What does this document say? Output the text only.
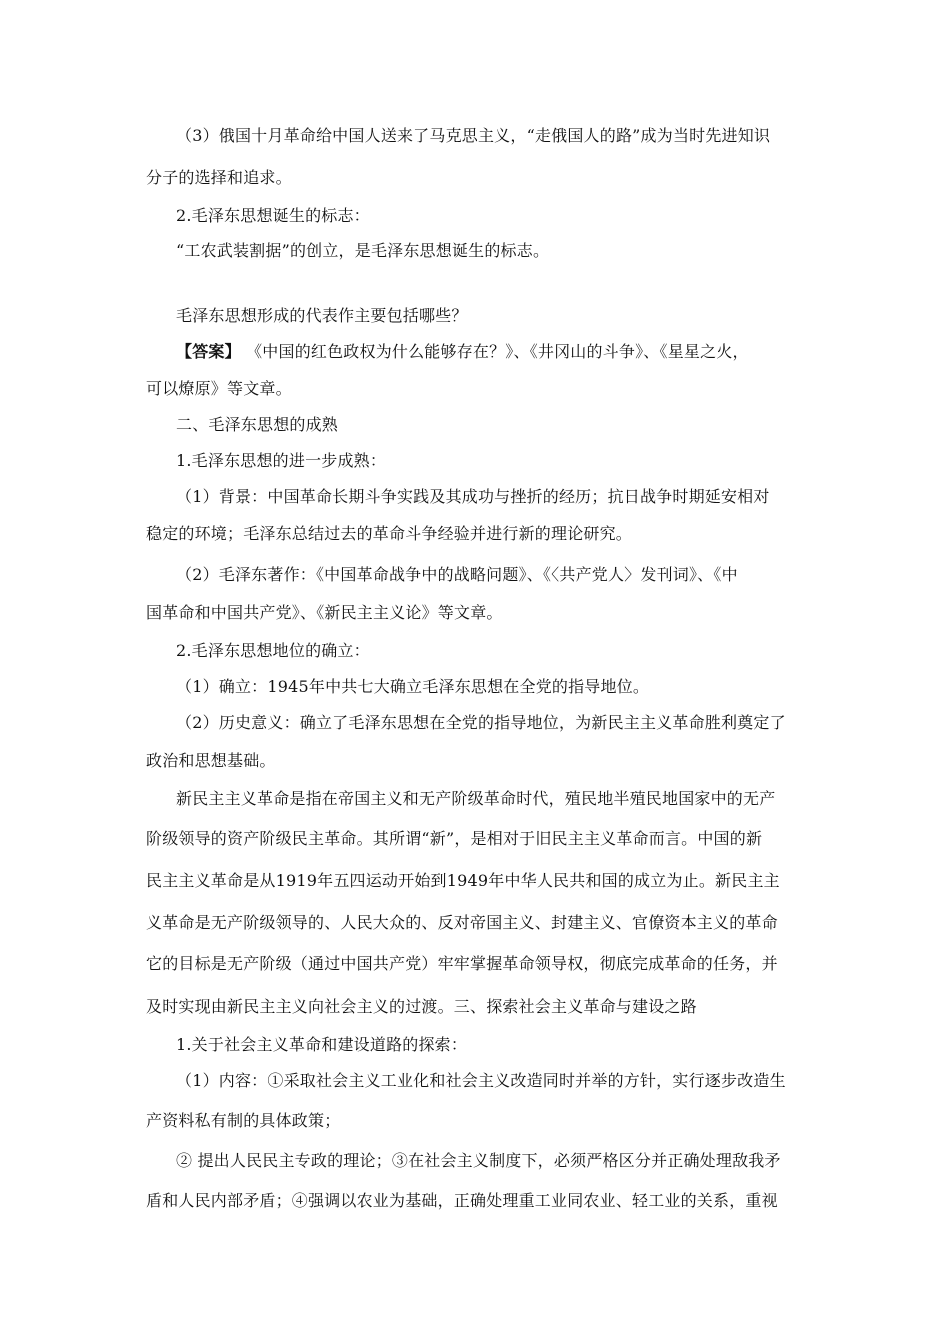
（3）俄国十月革命给中国人送来了马克思主义，“走俄国人的路”成为当时先进知识
分子的选择和追求。
2.毛泽东思想诞生的标志：
“工农武装割据”的创立，是毛泽东思想诞生的标志。
毛泽东思想形成的代表作主要包括哪些？
【答案】 《中国的红色政权为什么能够存在？》、《井冈山的斗争》、《星星之火，
可以燎原》等文章。
二、毛泽东思想的成熟
1.毛泽东思想的进一步成熟：
（1）背景：中国革命长期斗争实践及其成功与挫折的经历；抗日战争时期延安相对
稳定的环境；毛泽东总结过去的革命斗争经验并进行新的理论研究。
（2）毛泽东著作：《中国革命战争中的战略问题》、《〈共产党人〉发刊词》、《中
国革命和中国共产党》、《新民主主义论》等文章。
2.毛泽东思想地位的确立：
（1）确立：1945年中共七大确立毛泽东思想在全党的指导地位。
（2）历史意义：确立了毛泽东思想在全党的指导地位，为新民主主义革命胜利奠定了
政治和思想基础。
新民主主义革命是指在帝国主义和无产阶级革命时代，殖民地半殖民地国家中的无产
阶级领导的资产阶级民主革命。其所谓“新”，是相对于旧民主主义革命而言。中国的新
民主主义革命是从1919年五四运动开始到1949年中华人民共和国的成立为止。新民主主
义革命是无产阶级领导的、人民大众的、反对帝国主义、封建主义、官僚资本主义的革命
它的目标是无产阶级（通过中国共产党）牢牢掌握革命领导权，彻底完成革命的任务，并
及时实现由新民主主义向社会主义的过渡。三、探索社会主义革命与建设之路
1.关于社会主义革命和建设道路的探索：
（1）内容：①采取社会主义工业化和社会主义改造同时并举的方针，实行逐步改造生
产资料私有制的具体政策；
② 提出人民民主专政的理论；③在社会主义制度下，必须严格区分并正确处理敌我矛
盾和人民内部矛盾；④强调以农业为基础，正确处理重工业同农业、轻工业的关系，重视
